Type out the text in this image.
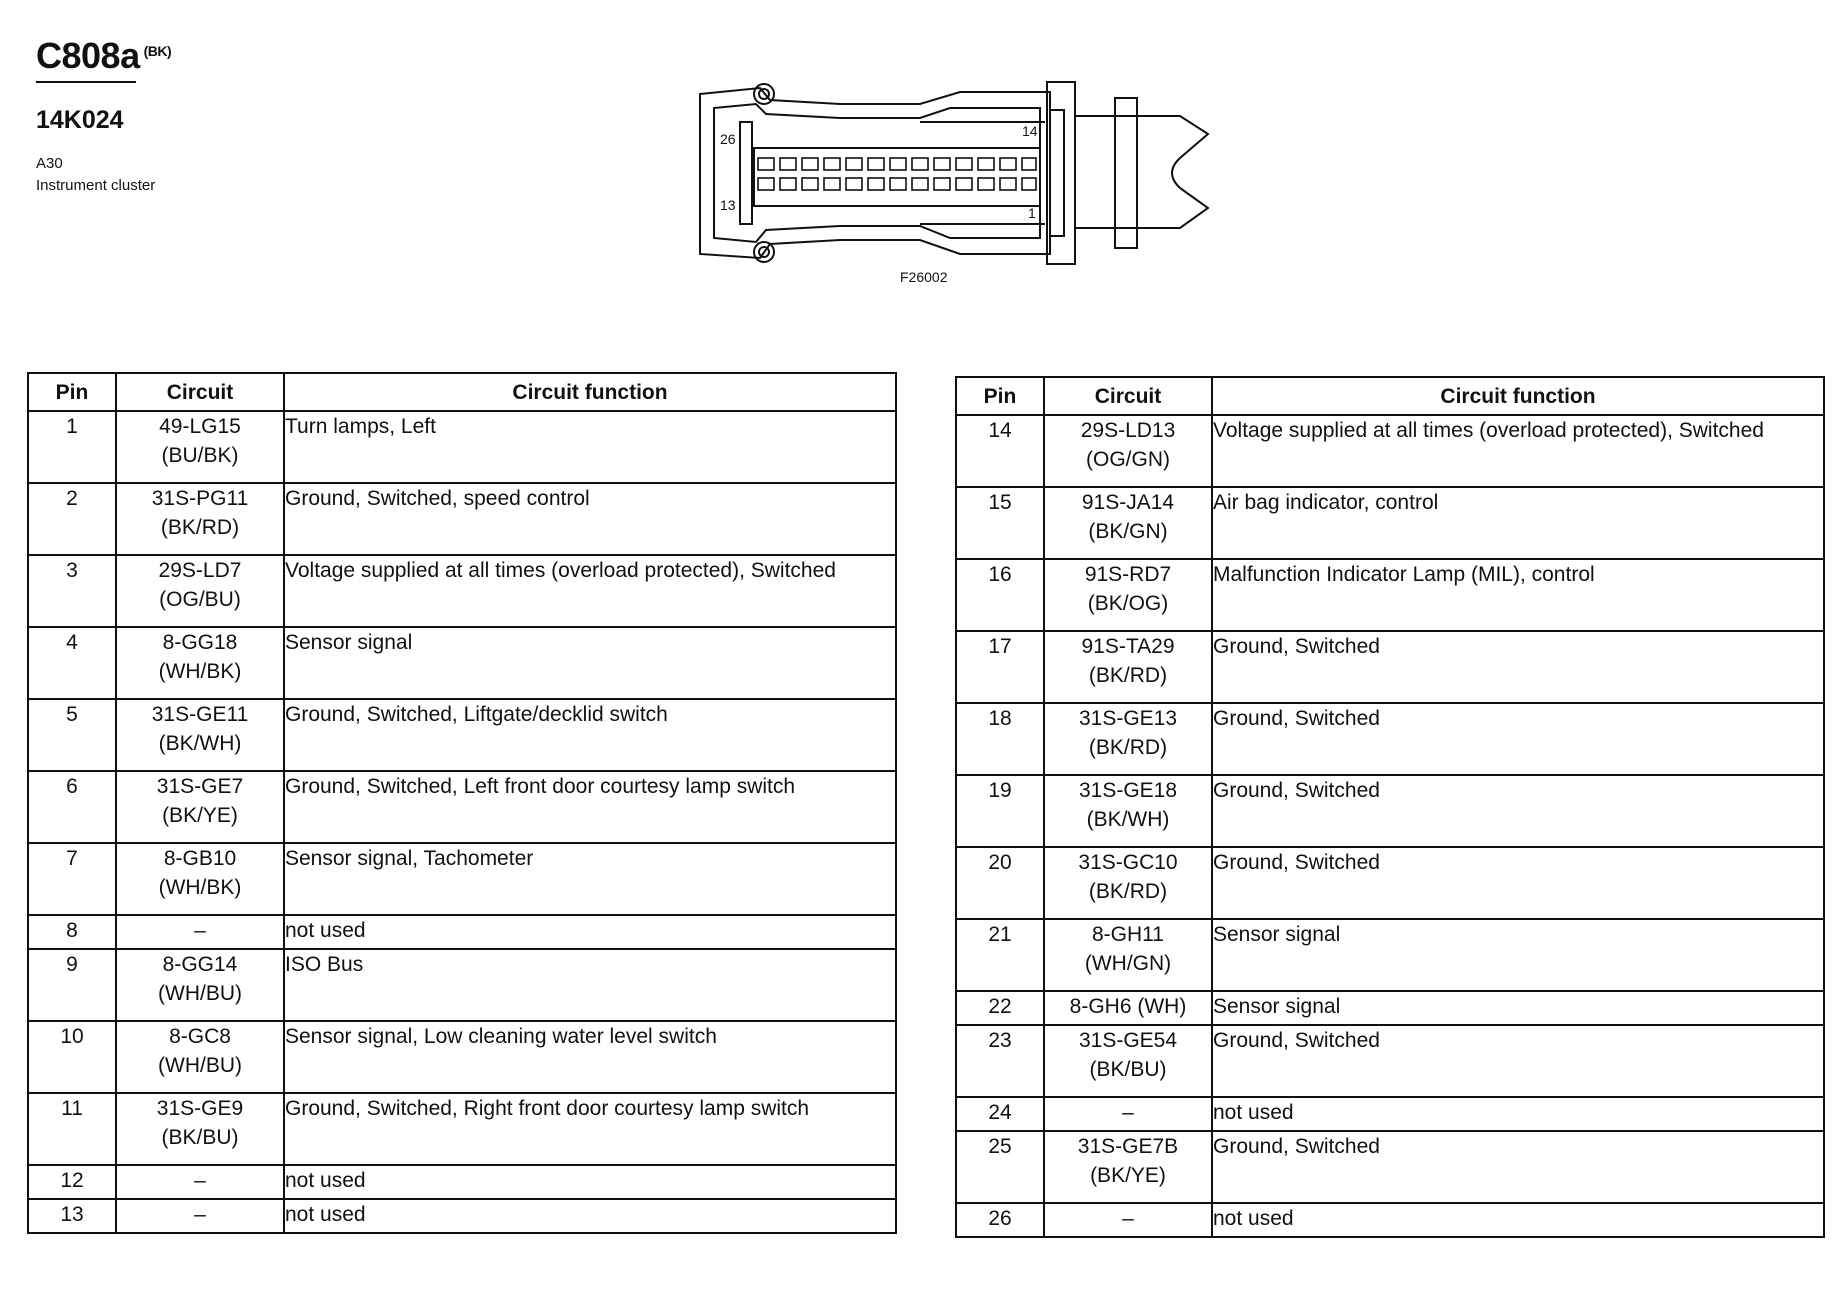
C808a $^{(BK)}$
14K024
A30
Instrument cluster
26
13
14
1
F26002
Pin	Circuit	Circuit function
1	49-LG15
(BU/BK)	Turn lamps, Left
2	31S-PG11
(BK/RD)	Ground, Switched, speed control
3	29S-LD7
(OG/BU)	Voltage supplied at all times (overload protected), Switched
4	8-GG18
(WH/BK)	Sensor signal
5	31S-GE11
(BK/WH)	Ground, Switched, Liftgate/decklid switch
6	31S-GE7
(BK/YE)	Ground, Switched, Left front door courtesy lamp switch
7	8-GB10
(WH/BK)	Sensor signal, Tachometer
8	–	not used
9	8-GG14
(WH/BU)	ISO Bus
10	8-GC8
(WH/BU)	Sensor signal, Low cleaning water level switch
11	31S-GE9
(BK/BU)	Ground, Switched, Right front door courtesy lamp switch
12	–	not used
13	–	not used
Pin	Circuit	Circuit function
14	29S-LD13
(OG/GN)	Voltage supplied at all times (overload protected), Switched
15	91S-JA14
(BK/GN)	Air bag indicator, control
16	91S-RD7
(BK/OG)	Malfunction Indicator Lamp (MIL), control
17	91S-TA29
(BK/RD)	Ground, Switched
18	31S-GE13
(BK/RD)	Ground, Switched
19	31S-GE18
(BK/WH)	Ground, Switched
20	31S-GC10
(BK/RD)	Ground, Switched
21	8-GH11
(WH/GN)	Sensor signal
22	8-GH6 (WH)	Sensor signal
23	31S-GE54
(BK/BU)	Ground, Switched
24	–	not used
25	31S-GE7B
(BK/YE)	Ground, Switched
26	–	not used
